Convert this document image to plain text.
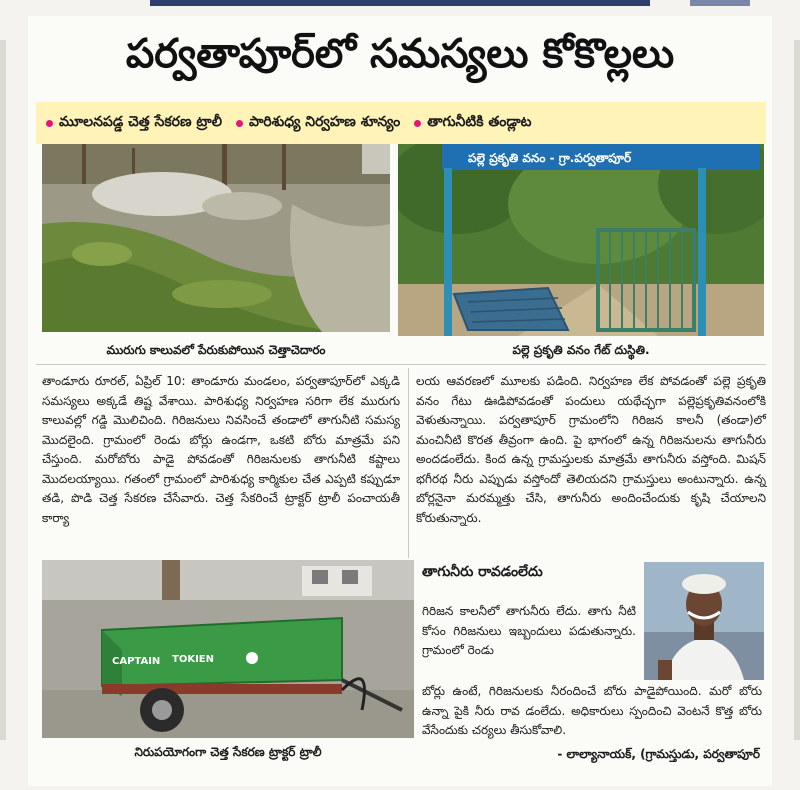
పర్వతాపూర్‌లో సమస్యలు కోకొల్లలు
మూలనపడ్డ చెత్త సేకరణ ట్రాలీ పారిశుధ్య నిర్వహణ శూన్యం తాగునీటికి తండ్లాట
మురుగు కాలువలో పేరుకుపోయిన చెత్తాచెదారం
పల్లె ప్రకృతి వనం - గ్రా.పర్వతాపూర్
పల్లె ప్రకృతి వనం గేట్ దుస్థితి.
తాండూరు రూరల్, ఏప్రిల్ 10: తాండూరు మండలం, పర్వతాపూర్‌లో ఎక్కడి సమస్యలు అక్కడే తిష్ట వేశాయి. పారిశుధ్య నిర్వహణ సరిగా లేక మురుగు కాలువల్లో గడ్డి మొలిచింది. గిరిజనులు నివసించే తండాలో తాగునీటి సమస్య మొదలైంది. గ్రామంలో రెండు బోర్లు ఉండగా, ఒకటి బోరు మాత్రమే పని చేస్తుంది. మరోబోరు పాడై పోవడంతో గిరిజనులకు తాగునీటి కష్టాలు మొదలయ్యాయి. గతంలో గ్రామంలో పారిశుధ్య కార్మికుల చేత ఎప్పటి కప్పుడూ తడి, పొడి చెత్త సేకరణ చేసేవారు. చెత్త సేకరించే ట్రాక్టర్ ట్రాలీ పంచాయతీ కార్యా
లయ ఆవరణలో మూలకు పడింది. నిర్వహణ లేక పోవడంతో పల్లె ప్రకృతి వనం గేటు ఊడిపోవడంతో పందులు యథేచ్ఛగా పల్లెప్రకృతివనంలోకి వెళుతున్నాయి. పర్వతాపూర్ గ్రామంలోని గిరిజన కాలనీ (తండా)లో మంచినీటి కొరత తీవ్రంగా ఉంది. పై భాగంలో ఉన్న గిరిజనులను తాగునీరు అందడంలేదు. కింద ఉన్న గ్రామస్తులకు మాత్రమే తాగునీరు వస్తోంది. మిషన్ భగీరథ నీరు ఎప్పుడు వస్తోందో తెలియదని గ్రామస్తులు అంటున్నారు. ఉన్న బోర్లనైనా మరమ్మత్తు చేసి, తాగునీరు అందించేందుకు కృషి చేయాలని కోరుతున్నారు.
CAPTAIN TOKIEN
నిరుపయోగంగా చెత్త సేకరణ ట్రాక్టర్ ట్రాలీ
తాగునీరు రావడంలేదు
గిరిజన కాలనీలో తాగునీరు లేదు. తాగు నీటి కోసం గిరిజనులు ఇబ్బందులు పడుతున్నారు. గ్రామంలో రెండు
బోర్లు ఉంటే, గిరిజనులకు నీరందించే బోరు పాడైపోయింది. మరో బోరు ఉన్నా పైకి నీరు రావ డంలేదు. అధికారులు స్పందించి వెంటనే కొత్త బోరు వేసేందుకు చర్యలు తీసుకోవాలి.
- లాల్యానాయక్, (గ్రామస్తుడు, పర్వతాపూర్
